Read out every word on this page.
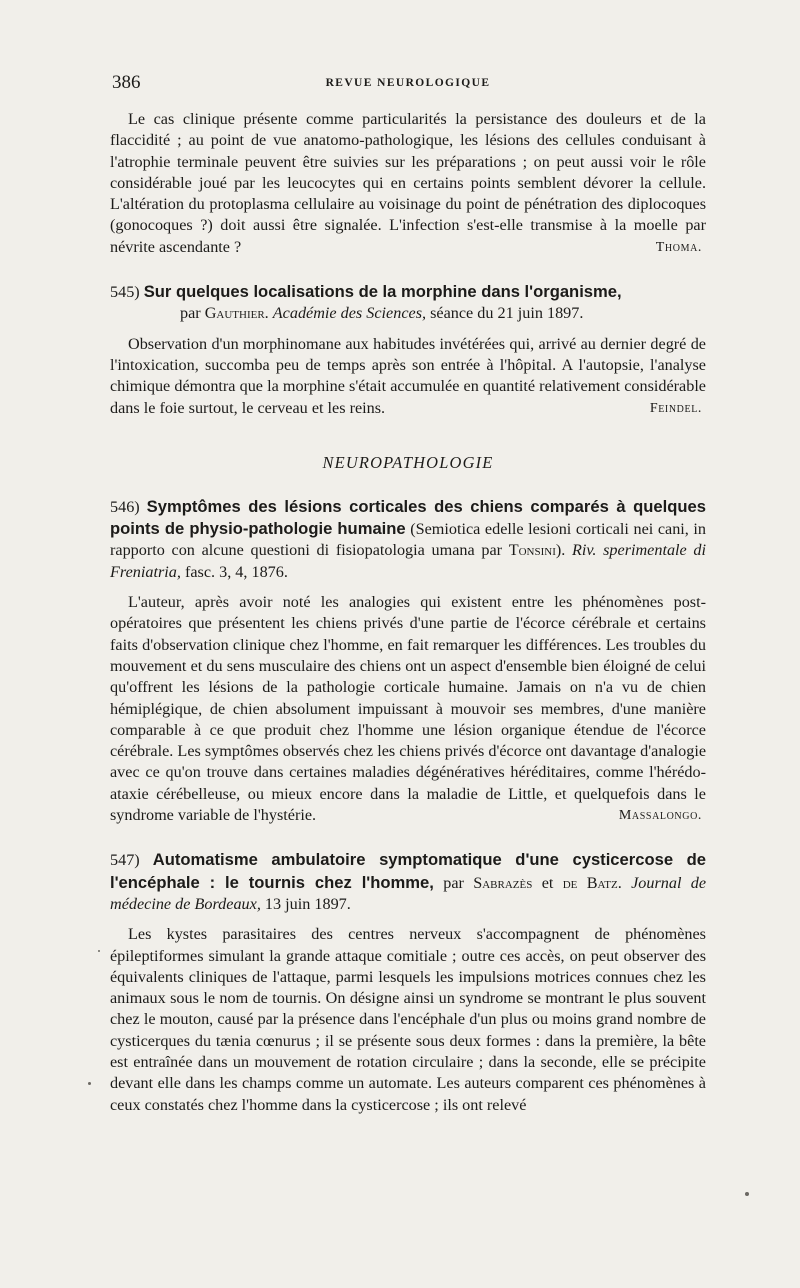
386	REVUE NEUROLOGIQUE

Le cas clinique présente comme particularités la persistance des douleurs et de la flaccidité ; au point de vue anatomo-pathologique, les lésions des cellules conduisant à l'atrophie terminale peuvent être suivies sur les préparations ; on peut aussi voir le rôle considérable joué par les leucocytes qui en certains points semblent dévorer la cellule. L'altération du protoplasma cellulaire au voisinage du point de pénétration des diplocoques (gonocoques ?) doit aussi être signalée. L'infection s'est-elle transmise à la moelle par névrite ascendante ?	Thoma.

545) Sur quelques localisations de la morphine dans l'organisme,
par Gauthier. Académie des Sciences, séance du 21 juin 1897.

Observation d'un morphinomane aux habitudes invétérées qui, arrivé au dernier degré de l'intoxication, succomba peu de temps après son entrée à l'hôpital. A l'autopsie, l'analyse chimique démontra que la morphine s'était accumulée en quantité relativement considérable dans le foie surtout, le cerveau et les reins.	Feindel.

NEUROPATHOLOGIE
546) Symptômes des lésions corticales des chiens comparés à quelques points de physio-pathologie humaine (Semiotica edelle lesioni corticali nei cani, in rapporto con alcune questioni di fisiopatologia umana par Tonsini). Riv. sperimentale di Freniatria, fasc. 3, 4, 1876.

L'auteur, après avoir noté les analogies qui existent entre les phénomènes post-opératoires que présentent les chiens privés d'une partie de l'écorce cérébrale et certains faits d'observation clinique chez l'homme, en fait remarquer les différences. Les troubles du mouvement et du sens musculaire des chiens ont un aspect d'ensemble bien éloigné de celui qu'offrent les lésions de la pathologie corticale humaine. Jamais on n'a vu de chien hémiplégique, de chien absolument impuissant à mouvoir ses membres, d'une manière comparable à ce que produit chez l'homme une lésion organique étendue de l'écorce cérébrale. Les symptômes observés chez les chiens privés d'écorce ont davantage d'analogie avec ce qu'on trouve dans certaines maladies dégénératives héréditaires, comme l'hérédo-ataxie cérébelleuse, ou mieux encore dans la maladie de Little, et quelquefois dans le syndrome variable de l'hystérie.	Massalongo.

547) Automatisme ambulatoire symptomatique d'une cysticercose de l'encéphale : le tournis chez l'homme, par Sabrazès et de Batz. Journal de médecine de Bordeaux, 13 juin 1897.

Les kystes parasitaires des centres nerveux s'accompagnent de phénomènes épileptiformes simulant la grande attaque comitiale ; outre ces accès, on peut observer des équivalents cliniques de l'attaque, parmi lesquels les impulsions motrices connues chez les animaux sous le nom de tournis. On désigne ainsi un syndrome se montrant le plus souvent chez le mouton, causé par la présence dans l'encéphale d'un plus ou moins grand nombre de cysticerques du tænia cœnurus ; il se présente sous deux formes : dans la première, la bête est entraînée dans un mouvement de rotation circulaire ; dans la seconde, elle se précipite devant elle dans les champs comme un automate. Les auteurs comparent ces phénomènes à ceux constatés chez l'homme dans la cysticercose ; ils ont relevé
